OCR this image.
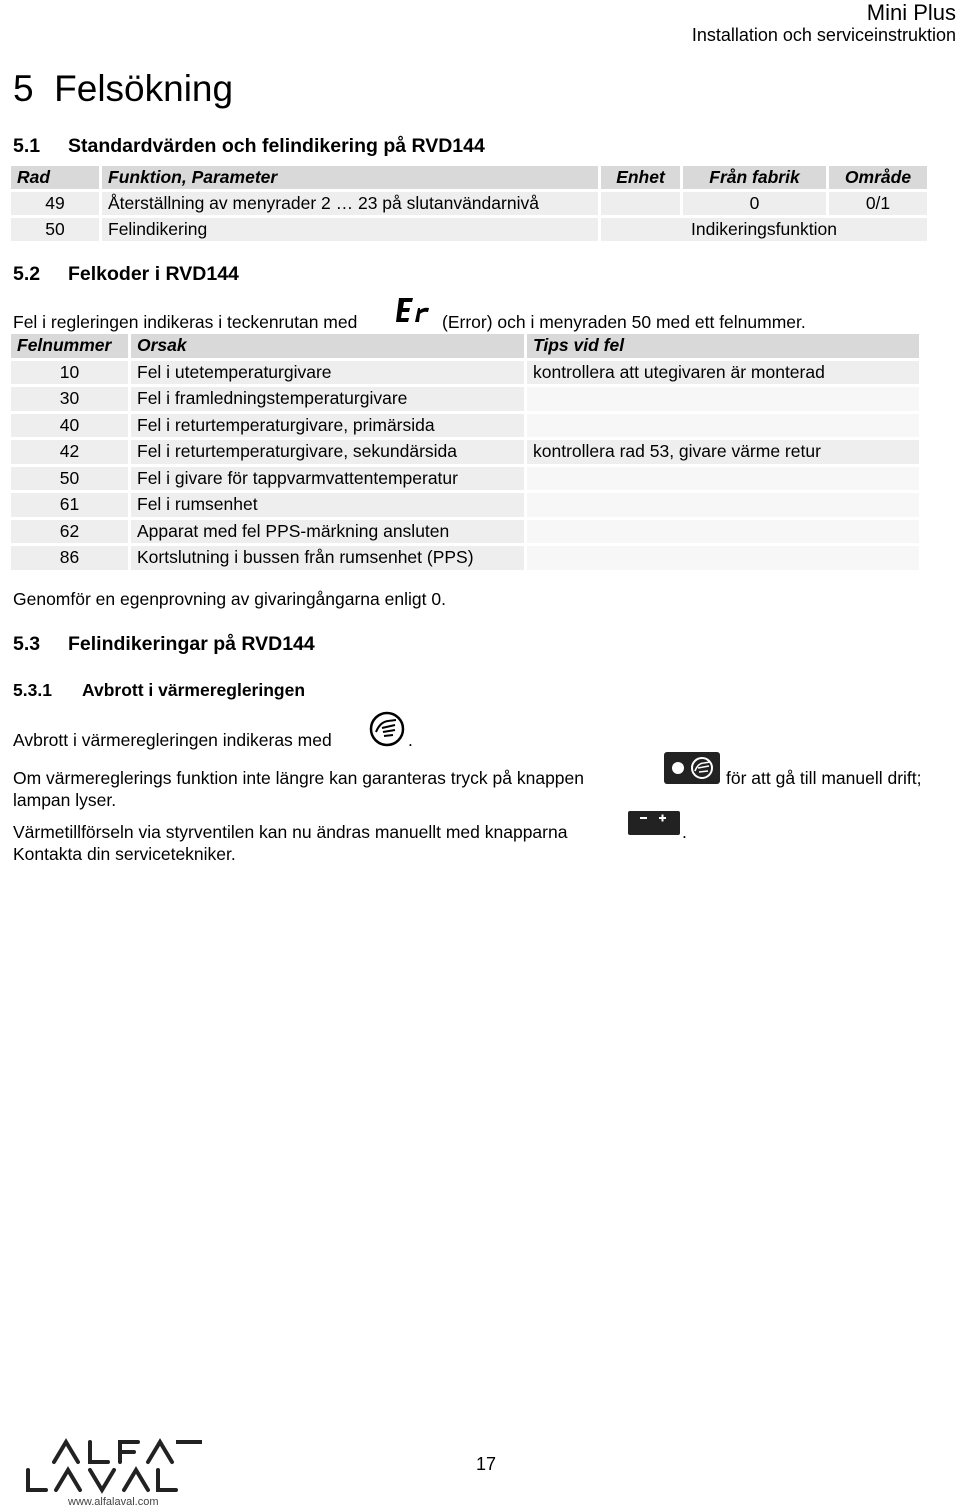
Mini Plus
Installation och serviceinstruktion
5 Felsökning
5.1 Standardvärden och felindikering på RVD144
Rad	Funktion, Parameter	Enhet	Från fabrik	Område
49	Återställning av menyrader 2 … 23 på slutanvändarnivå		0	0/1
50	Felindikering	Indikeringsfunktion		
5.2 Felkoder i RVD144
Fel i regleringen indikeras i teckenrutan med	(Error) och i menyraden 50 med ett felnummer.
Felnummer	Orsak	Tips vid fel
10	Fel i utetemperaturgivare	kontrollera att utegivaren är monterad
30	Fel i framledningstemperaturgivare	
40	Fel i returtemperaturgivare, primärsida	
42	Fel i returtemperaturgivare, sekundärsida	kontrollera rad 53, givare värme retur
50	Fel i givare för tappvarmvattentemperatur	
61	Fel i rumsenhet	
62	Apparat med fel PPS-märkning ansluten	
86	Kortslutning i bussen från rumsenhet (PPS)	
Genomför en egenprovning av givaringångarna enligt 0.
5.3 Felindikeringar på RVD144
5.3.1 Avbrott i värmeregleringen
Avbrott i värmeregleringen indikeras med	.
Om värmereglerings funktion inte längre kan garanteras tryck på knappen	för att gå till manuell drift;
lampan lyser.
Värmetillförseln via styrventilen kan nu ändras manuellt med knapparna	.
Kontakta din servicetekniker.
www.alfalaval.com
17
